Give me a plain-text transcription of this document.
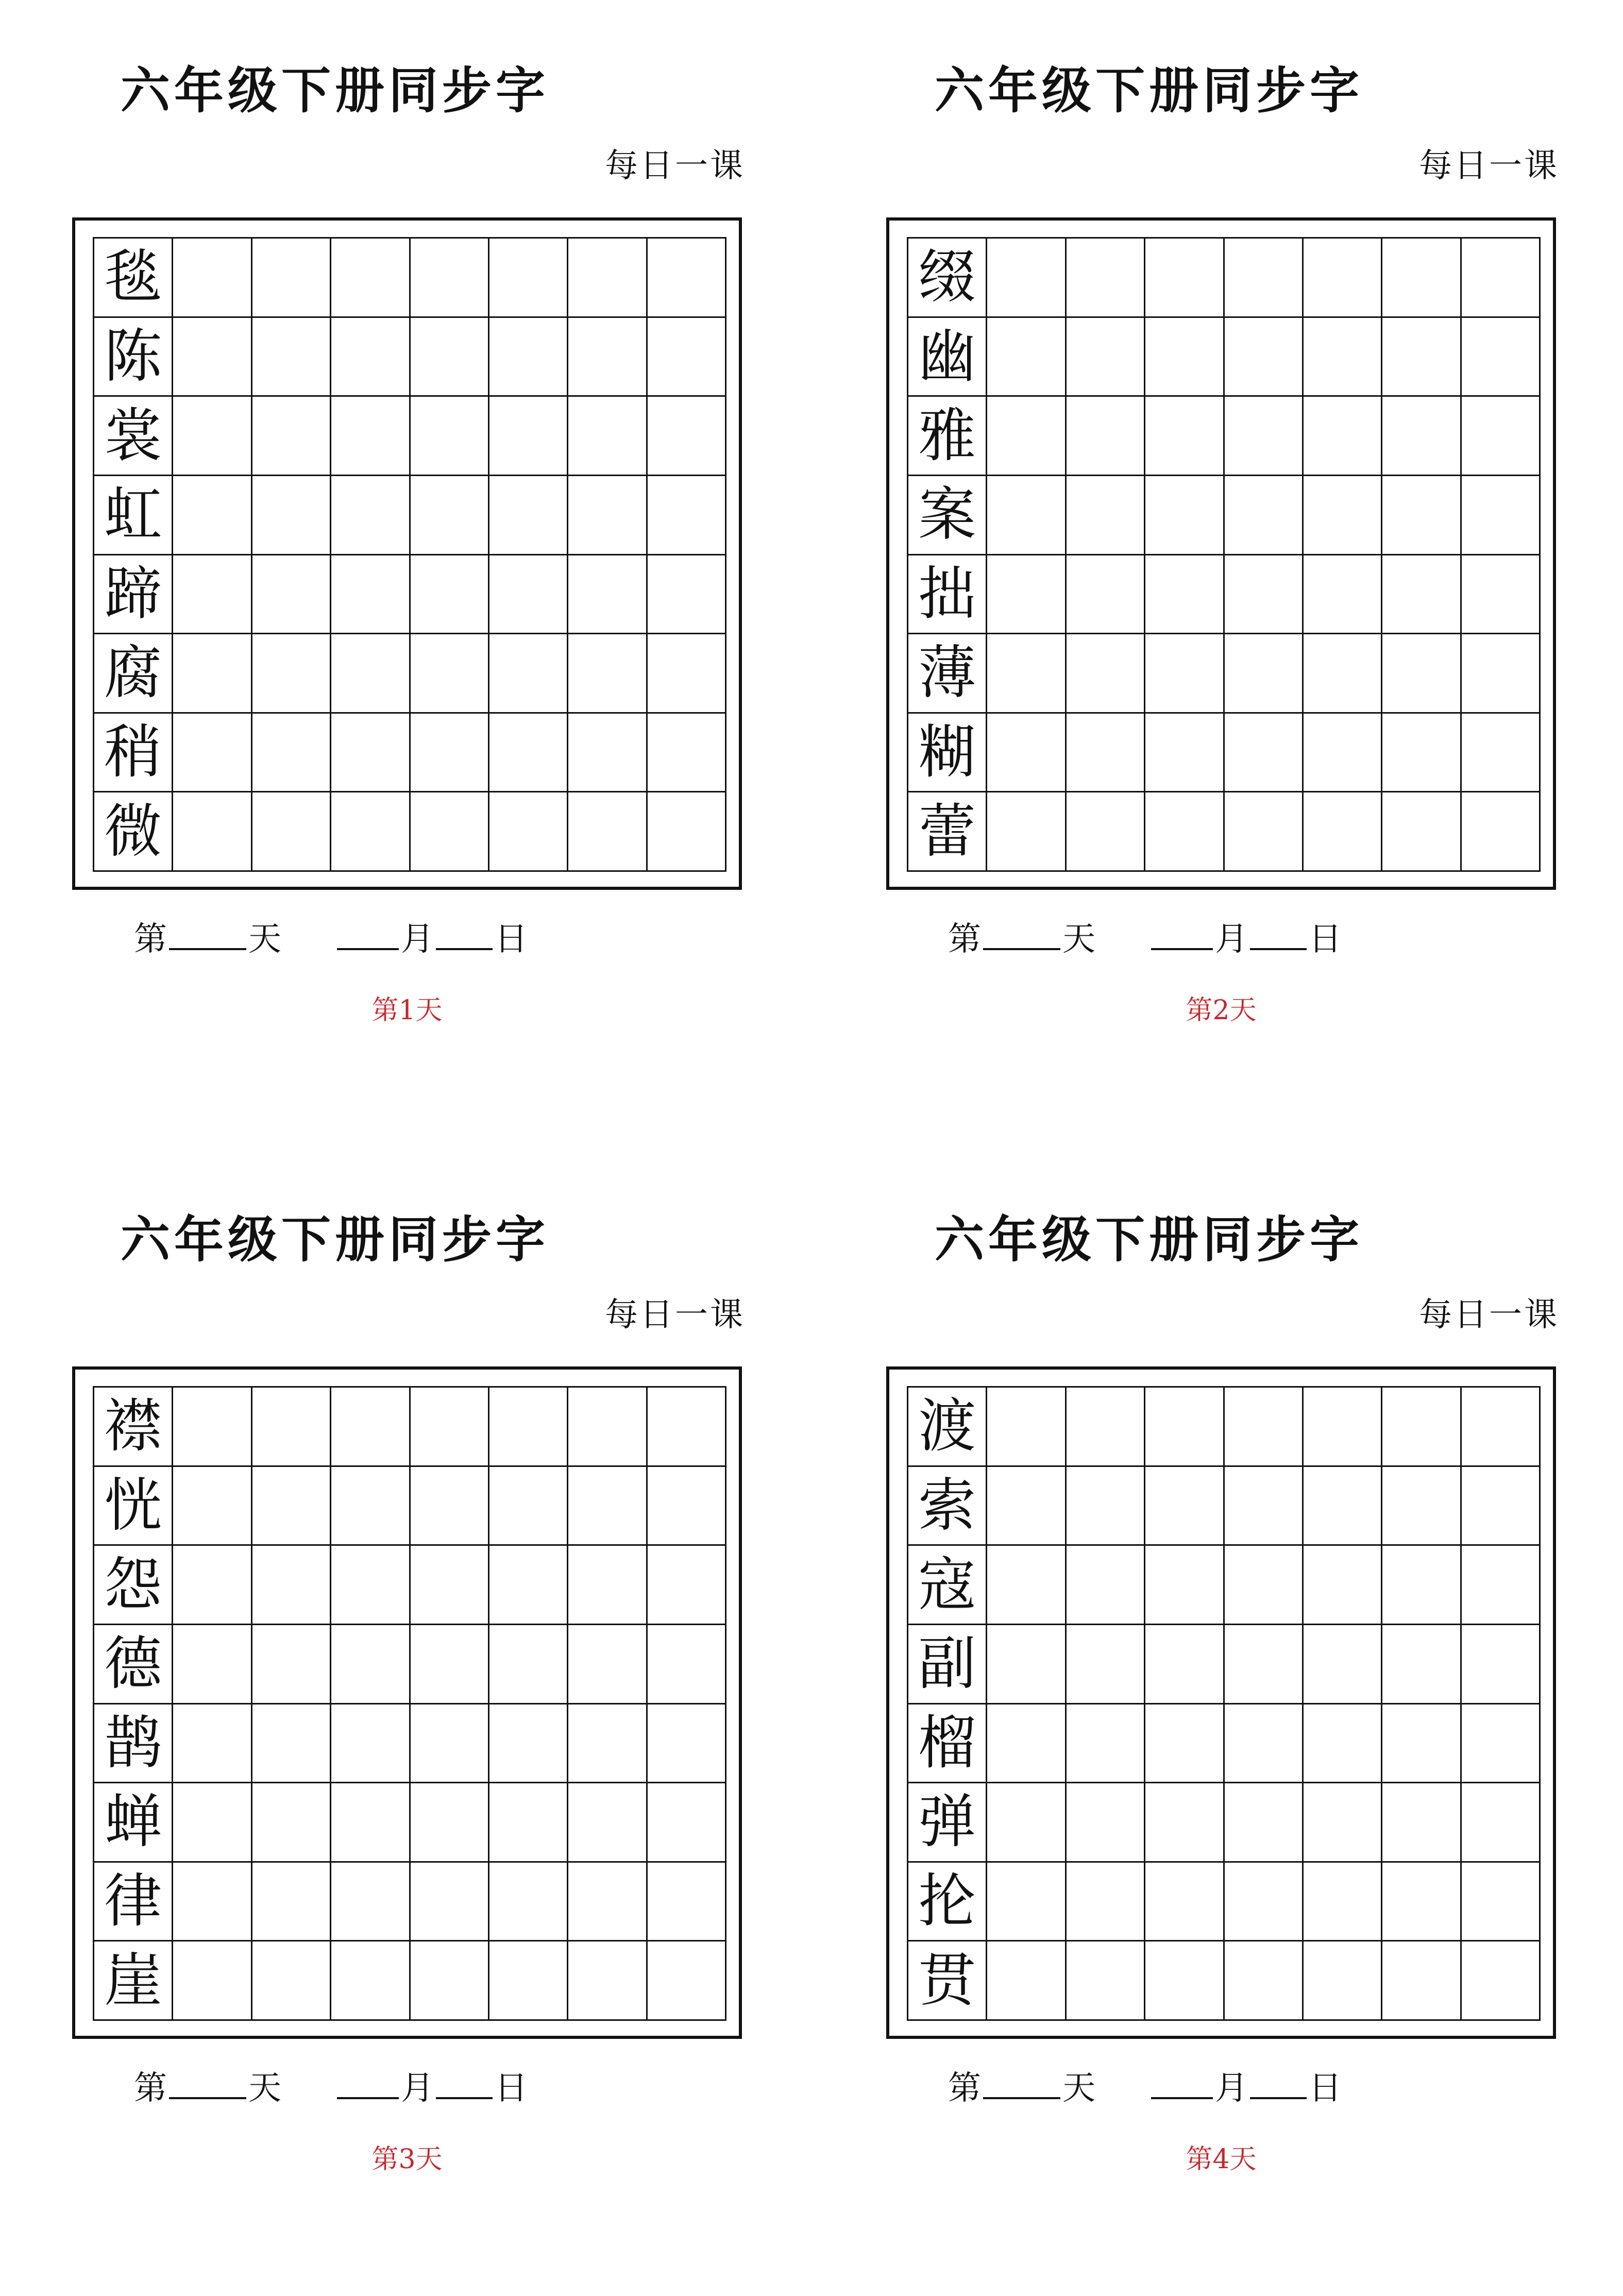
六年级下册同步字
每日一课
毯
陈
裳
虹
蹄
腐
稍
微
第 天	月 日
第1天
六年级下册同步字
每日一课
缀
幽
雅
案
拙
薄
糊
蕾
第 天	月 日
第2天
六年级下册同步字
每日一课
襟
恍
怨
德
鹊
蝉
律
崖
第 天	月 日
第3天
六年级下册同步字
每日一课
渡
索
寇
副
榴
弹
抡
贯
第 天	月 日
第4天
